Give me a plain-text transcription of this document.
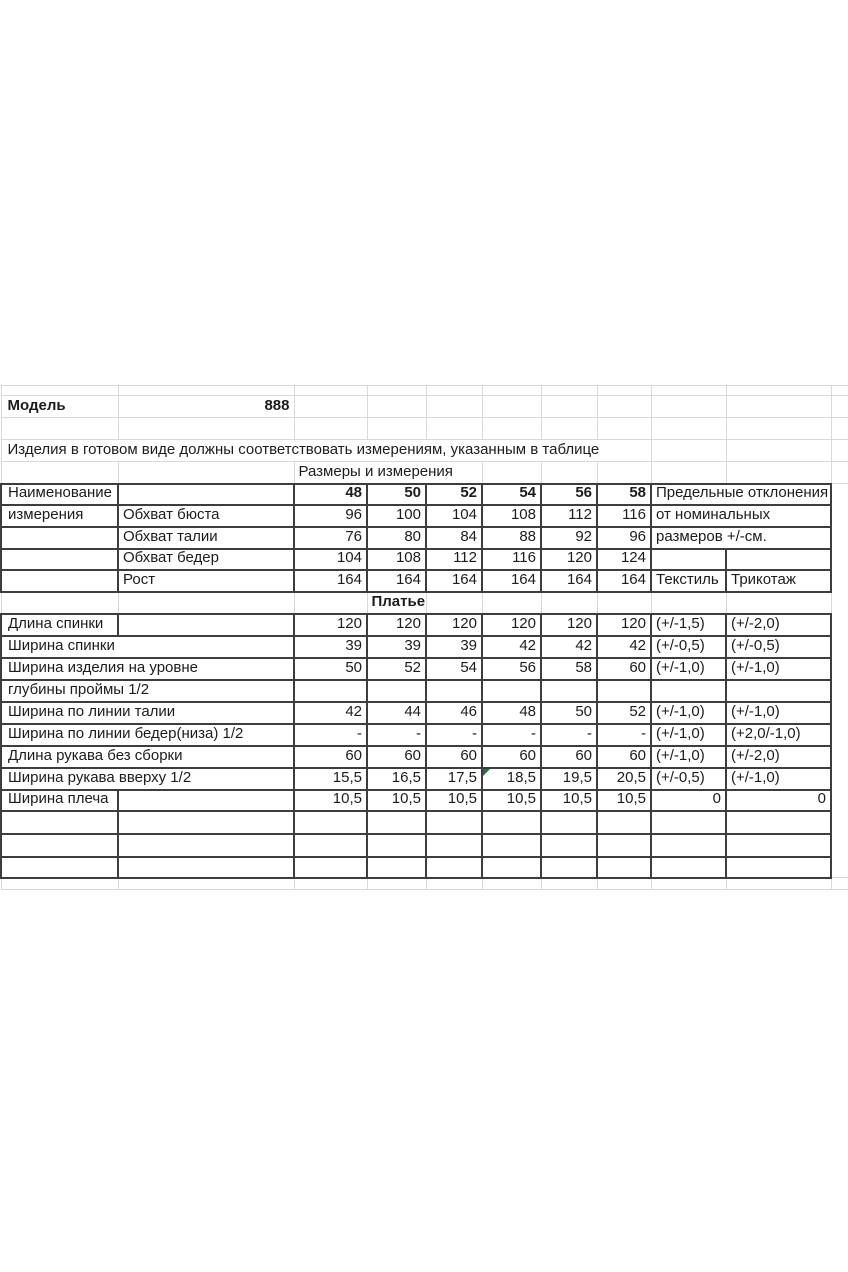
Модель	888									

Изделия в готовом виде должны соответствовать измерениям, указанным в таблице										
		Размеры и измерения								
Наименование		48	50	52	54	56	58	Предельные отклонения		
измерения	Обхват бюста	96	100	104	108	112	116	от номинальных		
	Обхват талии	76	80	84	88	92	96	размеров +/-см.		
	Обхват бедер	104	108	112	116	120	124			
	Рост	164	164	164	164	164	164	Текстиль	Трикотаж	
			Платье							
Длина спинки		120	120	120	120	120	120	(+/-1,5)	(+/-2,0)	
Ширина спинки		39	39	39	42	42	42	(+/-0,5)	(+/-0,5)	
Ширина изделия на уровне		50	52	54	56	58	60	(+/-1,0)	(+/-1,0)	
глубины проймы 1/2										
Ширина по линии талии		42	44	46	48	50	52	(+/-1,0)	(+/-1,0)	
Ширина по линии бедер(низа) 1/2		-	-	-	-	-	-	(+/-1,0)	(+2,0/-1,0)	
Длина рукава без сборки		60	60	60	60	60	60	(+/-1,0)	(+/-2,0)	
Ширина рукава вверху 1/2		15,5	16,5	17,5	18,5	19,5	20,5	(+/-0,5)	(+/-1,0)	
Ширина плеча		10,5	10,5	10,5	10,5	10,5	10,5	0	0	
